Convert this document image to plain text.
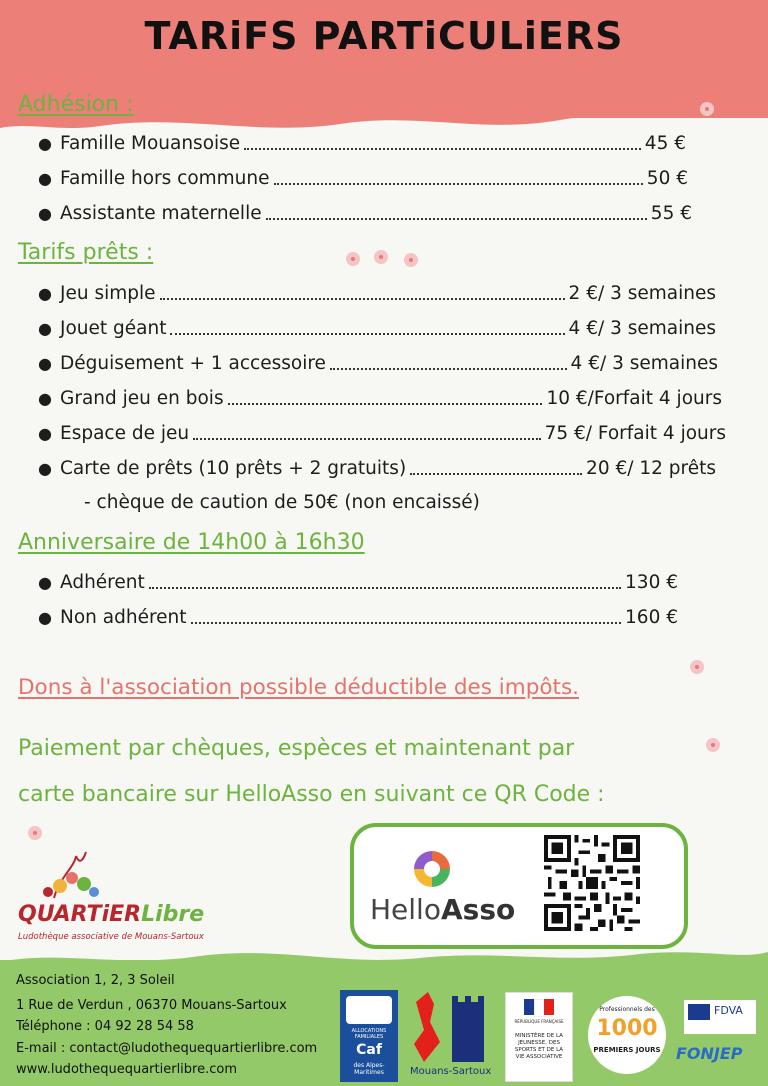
TARiFS PARTiCULiERS
Adhésion :
● Famille Mouansoise	45 €
● Famille hors commune	50 €
● Assistante maternelle	55 €
Tarifs prêts :
● Jeu simple	2 €/ 3 semaines
● Jouet géant	4 €/ 3 semaines
● Déguisement + 1 accessoire	4 €/ 3 semaines
● Grand jeu en bois	10 €/Forfait 4 jours
● Espace de jeu	75 €/ Forfait 4 jours
● Carte de prêts (10 prêts + 2 gratuits)	20 €/ 12 prêts
- chèque de caution de 50€ (non encaissé)
Anniversaire de 14h00 à 16h30
● Adhérent	130 €
● Non adhérent	160 €
Dons à l'association possible déductible des impôts.
Paiement par chèques, espèces et maintenant par
carte bancaire sur HelloAsso en suivant ce QR Code :
QUARTiERLibre
Ludothèque associative de Mouans-Sartoux
HelloAsso
Association 1, 2, 3 Soleil
1 Rue de Verdun , 06370 Mouans-Sartoux
Téléphone : 04 92 28 54 58
E-mail : contact@ludothequequartierlibre.com
www.ludothequequartierlibre.com
ALLOCATIONS FAMILIALES
Caf
des Alpes-Maritimes	Mouans-Sartoux
RÉPUBLIQUE FRANÇAISE
MINISTÈRE DE LA JEUNESSE, DES SPORTS ET DE LA VIE ASSOCIATIVE
Professionnels des
1000
PREMIERS JOURS
FDVA
FONJEP
